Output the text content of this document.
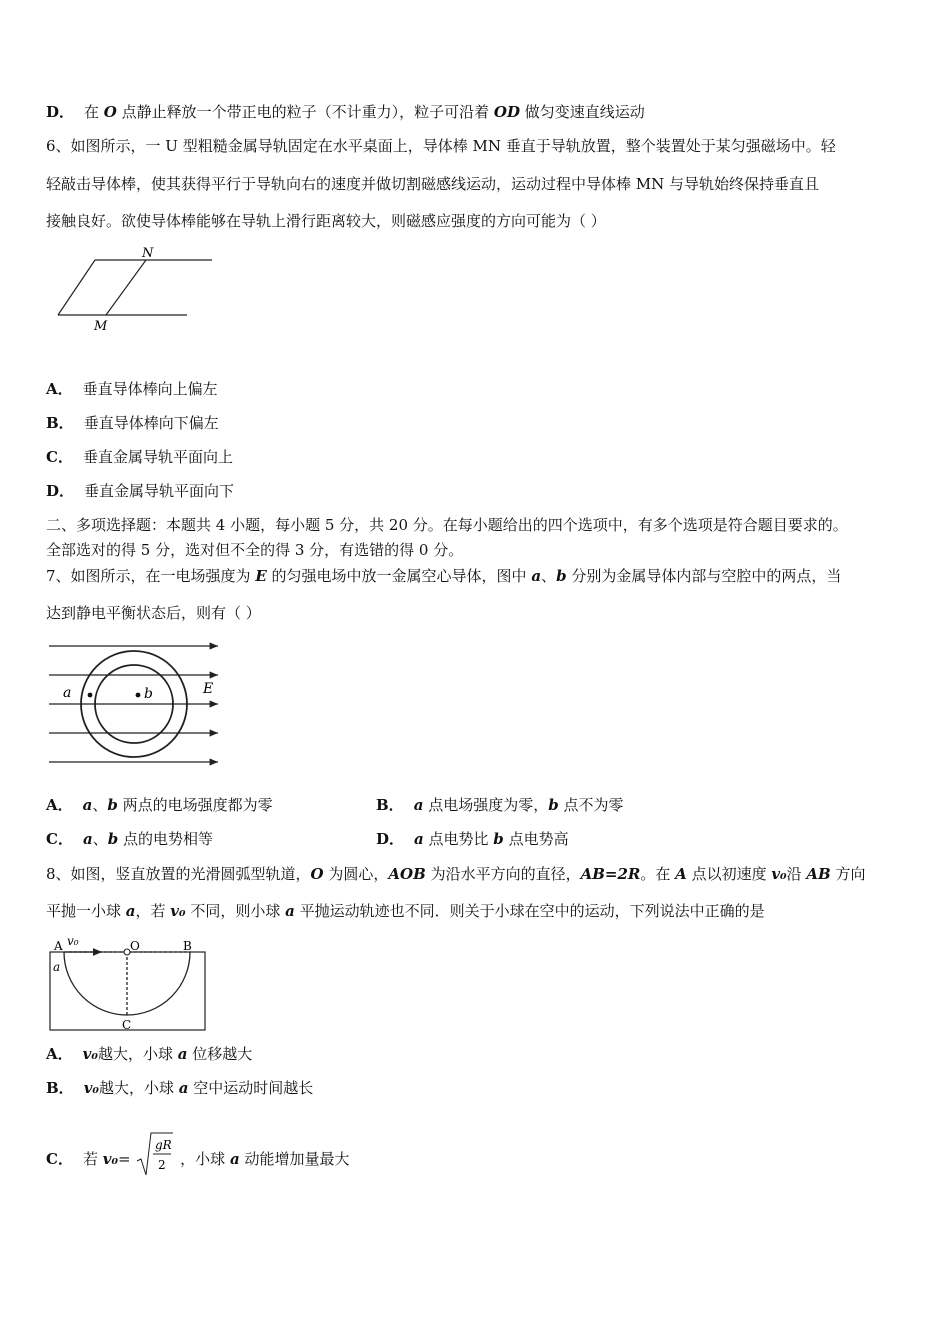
D． 在 O 点静止释放一个带正电的粒子（不计重力），粒子可沿着 OD 做匀变速直线运动
6、如图所示，一 U 型粗糙金属导轨固定在水平桌面上，导体棒 MN 垂直于导轨放置，整个装置处于某匀强磁场中。轻
轻敲击导体棒，使其获得平行于导轨向右的速度并做切割磁感线运动，运动过程中导体棒 MN 与导轨始终保持垂直且
接触良好。欲使导体棒能够在导轨上滑行距离较大，则磁感应强度的方向可能为（ ）
N
M
A． 垂直导体棒向上偏左
B． 垂直导体棒向下偏左
C． 垂直金属导轨平面向上
D． 垂直金属导轨平面向下
二、多项选择题：本题共 4 小题，每小题 5 分，共 20 分。在每小题给出的四个选项中，有多个选项是符合题目要求的。
全部选对的得 5 分，选对但不全的得 3 分，有选错的得 0 分。
7、如图所示，在一电场强度为 E 的匀强电场中放一金属空心导体，图中 a、b 分别为金属导体内部与空腔中的两点，当
达到静电平衡状态后，则有（ ）
a	b	E
A． a、b 两点的电场强度都为零	B． a 点电场强度为零，b 点不为零
C． a、b 点的电势相等	D． a 点电势比 b 点电势高
8、如图，竖直放置的光滑圆弧型轨道，O 为圆心，AOB 为沿水平方向的直径，AB=2R。在 A 点以初速度 v₀沿 AB 方向
平抛一小球 a，若 v₀ 不同，则小球 a 平抛运动轨迹也不同．则关于小球在空中的运动，下列说法中正确的是
v₀
A	O	B
C
a
A． v₀越大，小球 a 位移越大
B． v₀越大，小球 a 空中运动时间越长
C． 若 v₀=
gR
2 ，小球 a 动能增加量最大
